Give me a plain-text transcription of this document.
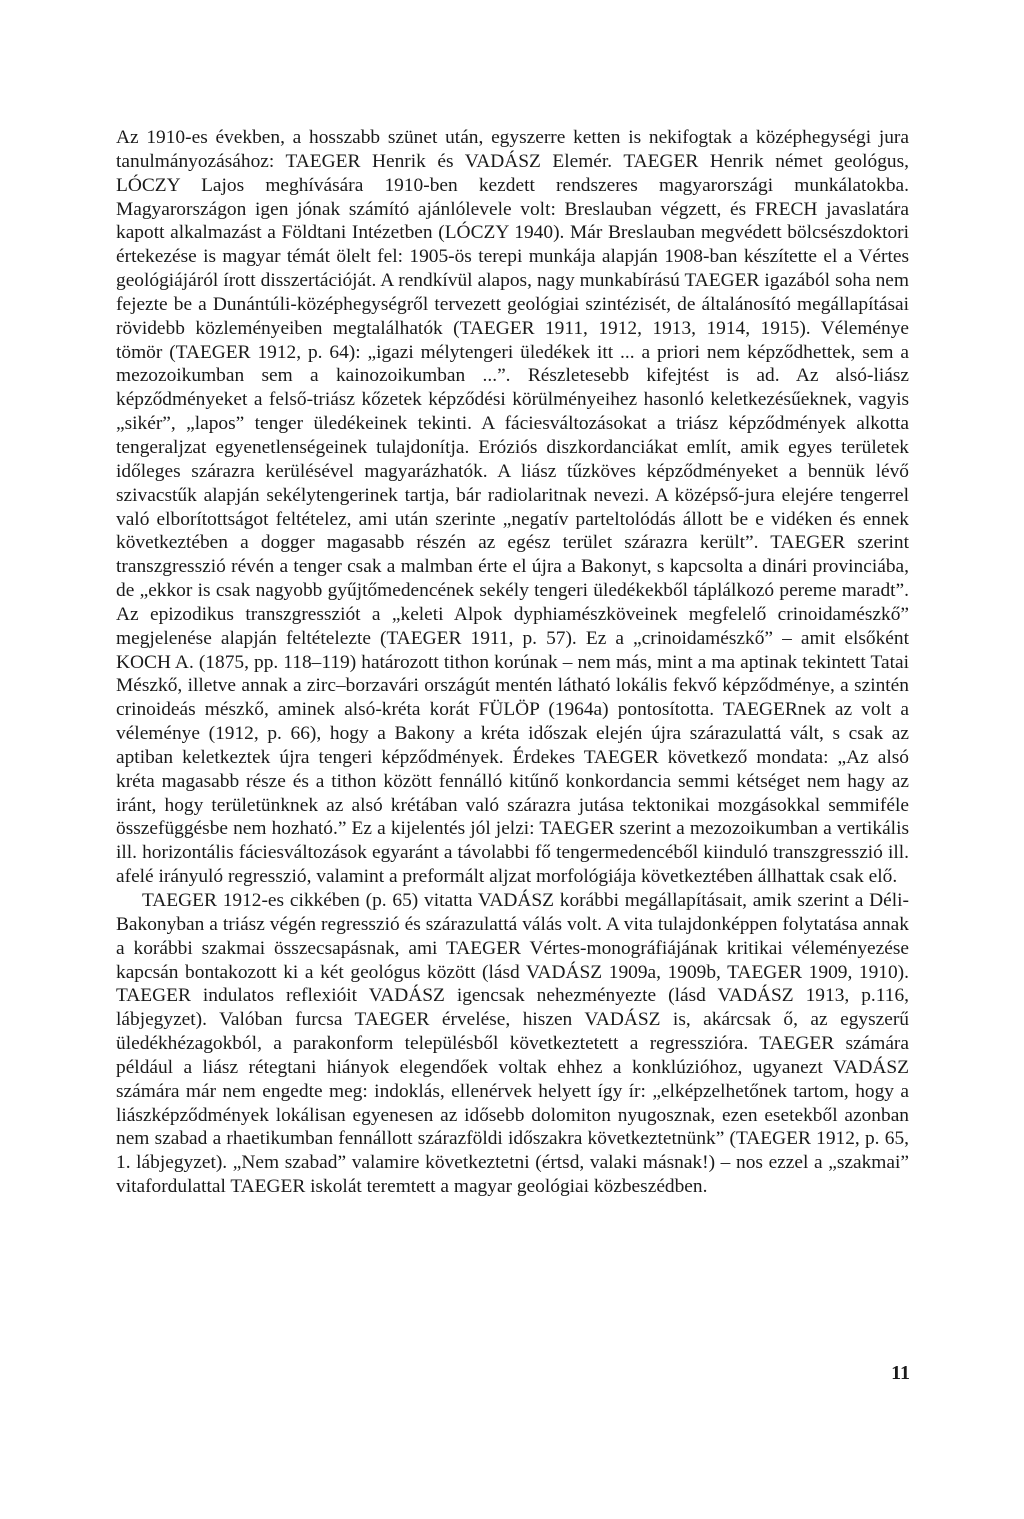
Az 1910-es években, a hosszabb szünet után, egyszerre ketten is nekifogtak a középhegységi jura tanulmányozásához: TAEGER Henrik és VADÁSZ Elemér. TAEGER Henrik német geológus, LÓCZY Lajos meghívására 1910-ben kezdett rendszeres magyarországi munkálatokba. Magyarországon igen jónak számító ajánlólevele volt: Breslauban végzett, és FRECH javaslatára kapott alkalmazást a Földtani Intézetben (LÓCZY 1940). Már Breslauban megvédett bölcsészdoktori értekezése is magyar témát ölelt fel: 1905-ös terepi munkája alapján 1908-ban készítette el a Vértes geológiájáról írott disszertációját. A rendkívül alapos, nagy munkabírású TAEGER igazából soha nem fejezte be a Dunántúli-középhegységről tervezett geológiai szintézisét, de általánosító megállapításai rövidebb közleményeiben megtalálhatók (TAEGER 1911, 1912, 1913, 1914, 1915). Véleménye tömör (TAEGER 1912, p. 64): „igazi mélytengeri üledékek itt ... a priori nem képződhettek, sem a mezozoikumban sem a kainozoikumban ...”. Részletesebb kifejtést is ad. Az alsó-liász képződményeket a felső-triász kőzetek képződési körülményeihez hasonló keletkezésűeknek, vagyis „sikér”, „lapos” tenger üledékeinek tekinti. A fáciesváltozásokat a triász képződmények alkotta tengeraljzat egyenetlenségeinek tulajdonítja. Eróziós diszkordanciákat említ, amik egyes területek időleges szárazra kerülésével magyarázhatók. A liász tűzköves képződményeket a bennük lévő szivacstűk alapján sekélytengerinek tartja, bár radiolaritnak nevezi. A középső-jura elejére tengerrel való elborítottságot feltételez, ami után szerinte „negatív parteltolódás állott be e vidéken és ennek következtében a dogger magasabb részén az egész terület szárazra került”. TAEGER szerint transzgresszió révén a tenger csak a malmban érte el újra a Bakonyt, s kapcsolta a dinári provinciába, de „ekkor is csak nagyobb gyűjtőmedencének sekély tengeri üledékekből táplálkozó pereme maradt”. Az epizodikus transzgressziót a „keleti Alpok dyphiamészköveinek megfelelő crinoidamészkő” megjelenése alapján feltételezte (TAEGER 1911, p. 57). Ez a „crinoidamészkő” – amit elsőként KOCH A. (1875, pp. 118–119) határozott tithon korúnak – nem más, mint a ma aptinak tekintett Tatai Mészkő, illetve annak a zirc–borzavári országút mentén látható lokális fekvő képződménye, a szintén crinoideás mészkő, aminek alsó-kréta korát FÜLÖP (1964a) pontosította. TAEGERnek az volt a véleménye (1912, p. 66), hogy a Bakony a kréta időszak elején újra szárazulattá vált, s csak az aptiban keletkeztek újra tengeri képződmények. Érdekes TAEGER következő mondata: „Az alsó kréta magasabb része és a tithon között fennálló kitűnő konkordancia semmi kétséget nem hagy az iránt, hogy területünknek az alsó krétában való szárazra jutása tektonikai mozgásokkal semmiféle összefüggésbe nem hozható.” Ez a kijelentés jól jelzi: TAEGER szerint a mezozoikumban a vertikális ill. horizontális fáciesváltozások egyaránt a távolabbi fő tengermedencéből kiinduló transzgresszió ill. afelé irányuló regresszió, valamint a preformált aljzat morfológiája következtében állhattak csak elő.

TAEGER 1912-es cikkében (p. 65) vitatta VADÁSZ korábbi megállapításait, amik szerint a Déli-Bakonyban a triász végén regresszió és szárazulattá válás volt. A vita tulajdonképpen folytatása annak a korábbi szakmai összecsapásnak, ami TAEGER Vértes-monográfiájának kritikai véleményezése kapcsán bontakozott ki a két geológus között (lásd VADÁSZ 1909a, 1909b, TAEGER 1909, 1910). TAEGER indulatos reflexióit VADÁSZ igencsak nehezményezte (lásd VADÁSZ 1913, p.116, lábjegyzet). Valóban furcsa TAEGER érvelése, hiszen VADÁSZ is, akárcsak ő, az egyszerű üledékhézagokból, a parakonform településből következtetett a regresszióra. TAEGER számára például a liász rétegtani hiányok elegendőek voltak ehhez a konklúzióhoz, ugyanezt VADÁSZ számára már nem engedte meg: indoklás, ellenérvek helyett így ír: „elképzelhetőnek tartom, hogy a liászképződmények lokálisan egyenesen az idősebb dolomiton nyugosznak, ezen esetekből azonban nem szabad a rhaetikumban fennállott szárazföldi időszakra következtetnünk” (TAEGER 1912, p. 65, 1. lábjegyzet). „Nem szabad” valamire következtetni (értsd, valaki másnak!) – nos ezzel a „szakmai” vitafordulattal TAEGER iskolát teremtett a magyar geológiai közbeszédben.

11
